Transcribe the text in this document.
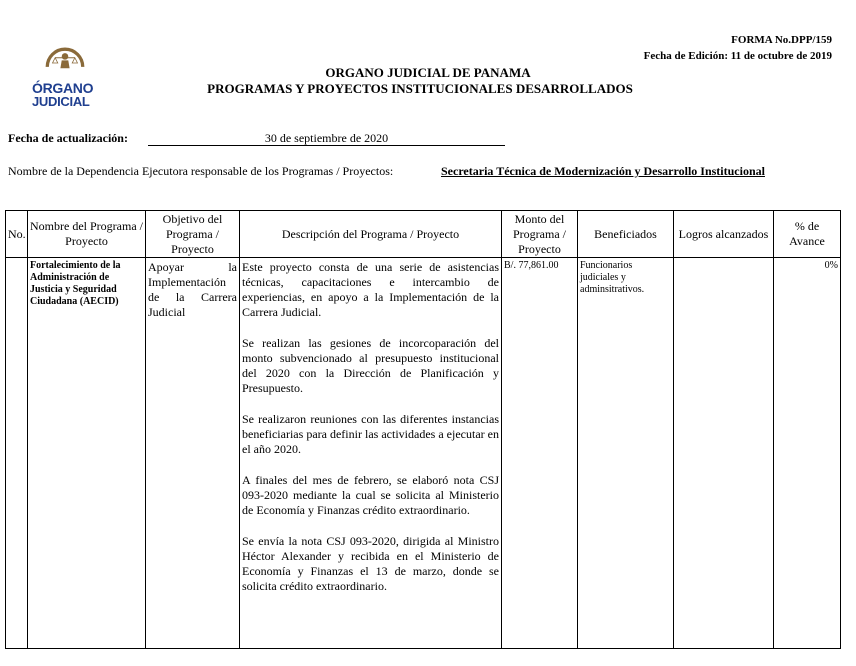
ÓRGANO
JUDICIAL
FORMA No.DPP/159
Fecha de Edición: 11 de octubre de 2019
ORGANO JUDICIAL DE PANAMA
PROGRAMAS Y PROYECTOS INSTITUCIONALES DESARROLLADOS
Fecha de actualización:	30 de septiembre de 2020
Nombre de la Dependencia Ejecutora responsable de los Programas / Proyectos:	Secretaria Técnica de Modernización y Desarrollo Institucional
No.	Nombre del Programa / Proyecto	Objetivo del Programa / Proyecto	Descripción del Programa / Proyecto	Monto del Programa / Proyecto	Beneficiados	Logros alcanzados	% de Avance
	Fortalecimiento de la Administración de Justicia y Seguridad Ciudadana (AECID)	Apoyar la Implementación de la Carrera Judicial	Este proyecto consta de una serie de asistencias técnicas, capacitaciones e intercambio de experiencias, en apoyo a la Implementación de la Carrera Judicial.

Se realizan las gesiones de incorcoparación del monto subvencionado al presupuesto institucional del 2020 con la Dirección de Planificación y Presupuesto.

Se realizaron reuniones con las diferentes instancias beneficiarias para definir las actividades a ejecutar en el año 2020.

A finales del mes de febrero, se elaboró nota CSJ 093-2020 mediante la cual se solicita al Ministerio de Economía y Finanzas crédito extraordinario.

Se envía la nota CSJ 093-2020, dirigida al Ministro Héctor Alexander y recibida en el Ministerio de Economía y Finanzas el 13 de marzo, donde se solicita crédito extraordinario.	B/. 77,861.00	Funcionarios judiciales y adminsitrativos.		0%
